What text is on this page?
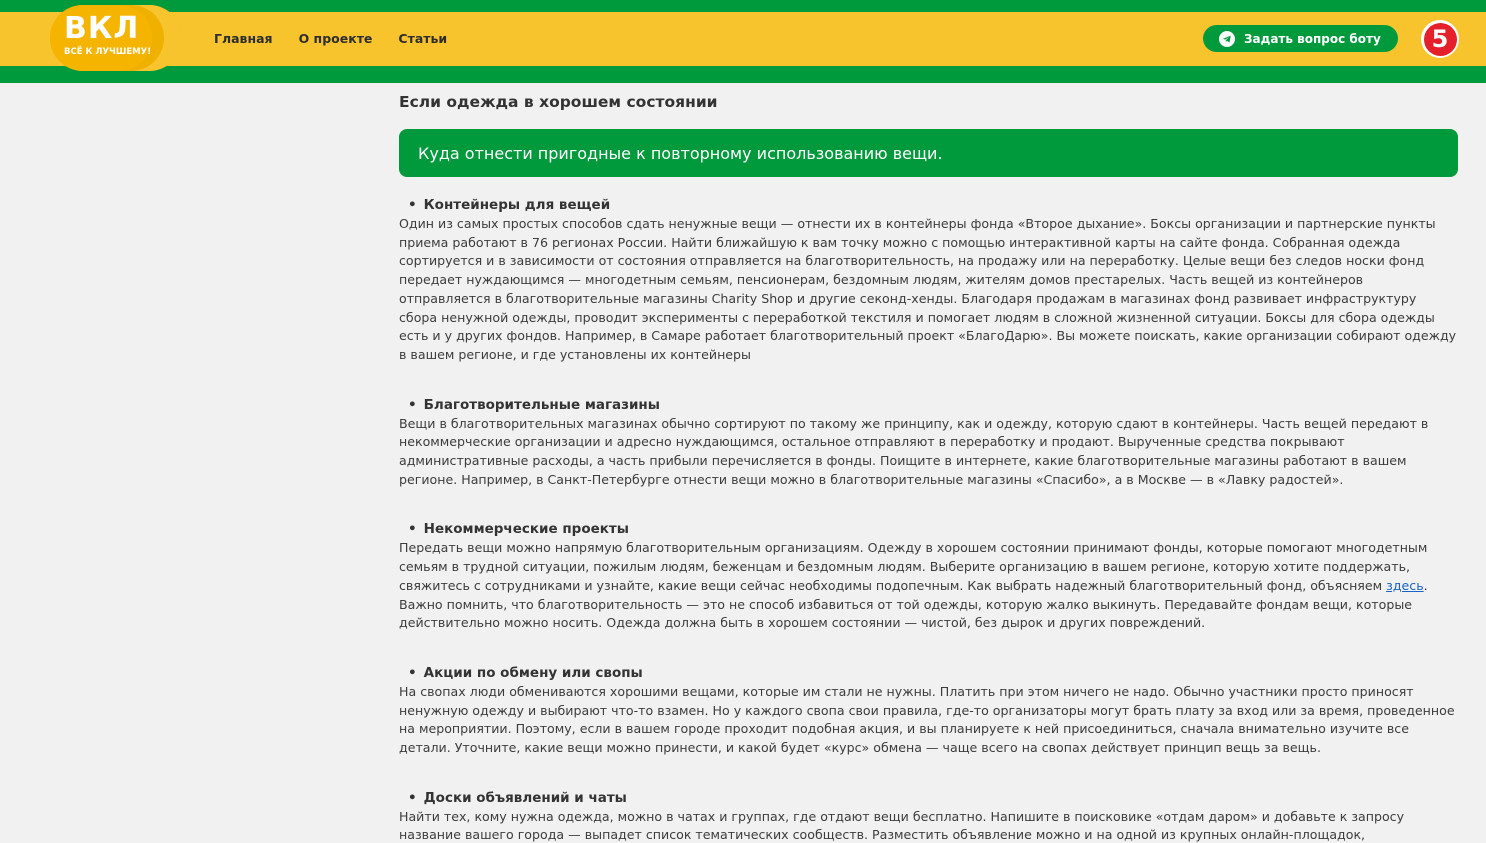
ВКЛ
ВСЁ К ЛУЧШЕМУ!
Главная О проекте Статьи	Задать вопрос боту	5
Если одежда в хорошем состоянии
Куда отнести пригодные к повторному использованию вещи.
• Контейнеры для вещей

Один из самых простых способов сдать ненужные вещи — отнести их в контейнеры фонда «Второе дыхание». Боксы организации и партнерские пункты приема работают в 76 регионах России. Найти ближайшую к вам точку можно с помощью интерактивной карты на сайте фонда. Собранная одежда сортируется и в зависимости от состояния отправляется на благотворительность, на продажу или на переработку. Целые вещи без следов носки фонд передает нуждающимся — многодетным семьям, пенсионерам, бездомным людям, жителям домов престарелых. Часть вещей из контейнеров отправляется в благотворительные магазины Charity Shop и другие секонд-хенды. Благодаря продажам в магазинах фонд развивает инфраструктуру сбора ненужной одежды, проводит эксперименты с переработкой текстиля и помогает людям в сложной жизненной ситуации. Боксы для сбора одежды есть и у других фондов. Например, в Самаре работает благотворительный проект «БлагоДарю». Вы можете поискать, какие организации собирают одежду в вашем регионе, и где установлены их контейнеры

• Благотворительные магазины

Вещи в благотворительных магазинах обычно сортируют по такому же принципу, как и одежду, которую сдают в контейнеры. Часть вещей передают в некоммерческие организации и адресно нуждающимся, остальное отправляют в переработку и продают. Вырученные средства покрывают административные расходы, а часть прибыли перечисляется в фонды. Поищите в интернете, какие благотворительные магазины работают в вашем регионе. Например, в Санкт-Петербурге отнести вещи можно в благотворительные магазины «Спасибо», а в Москве — в «Лавку радостей».

• Некоммерческие проекты

Передать вещи можно напрямую благотворительным организациям. Одежду в хорошем состоянии принимают фонды, которые помогают многодетным семьям в трудной ситуации, пожилым людям, беженцам и бездомным людям. Выберите организацию в вашем регионе, которую хотите поддержать, свяжитесь с сотрудниками и узнайте, какие вещи сейчас необходимы подопечным. Как выбрать надежный благотворительный фонд, объясняем здесь. Важно помнить, что благотворительность — это не способ избавиться от той одежды, которую жалко выкинуть. Передавайте фондам вещи, которые действительно можно носить. Одежда должна быть в хорошем состоянии — чистой, без дырок и других повреждений.

• Акции по обмену или свопы

На свопах люди обмениваются хорошими вещами, которые им стали не нужны. Платить при этом ничего не надо. Обычно участники просто приносят ненужную одежду и выбирают что-то взамен. Но у каждого свопа свои правила, где-то организаторы могут брать плату за вход или за время, проведенное на мероприятии. Поэтому, если в вашем городе проходит подобная акция, и вы планируете к ней присоединиться, сначала внимательно изучите все детали. Уточните, какие вещи можно принести, и какой будет «курс» обмена — чаще всего на свопах действует принцип вещь за вещь.

• Доски объявлений и чаты

Найти тех, кому нужна одежда, можно в чатах и группах, где отдают вещи бесплатно. Напишите в поисковике «отдам даром» и добавьте к запросу название вашего города — выпадет список тематических сообществ. Разместить объявление можно и на одной из крупных онлайн-площадок,
